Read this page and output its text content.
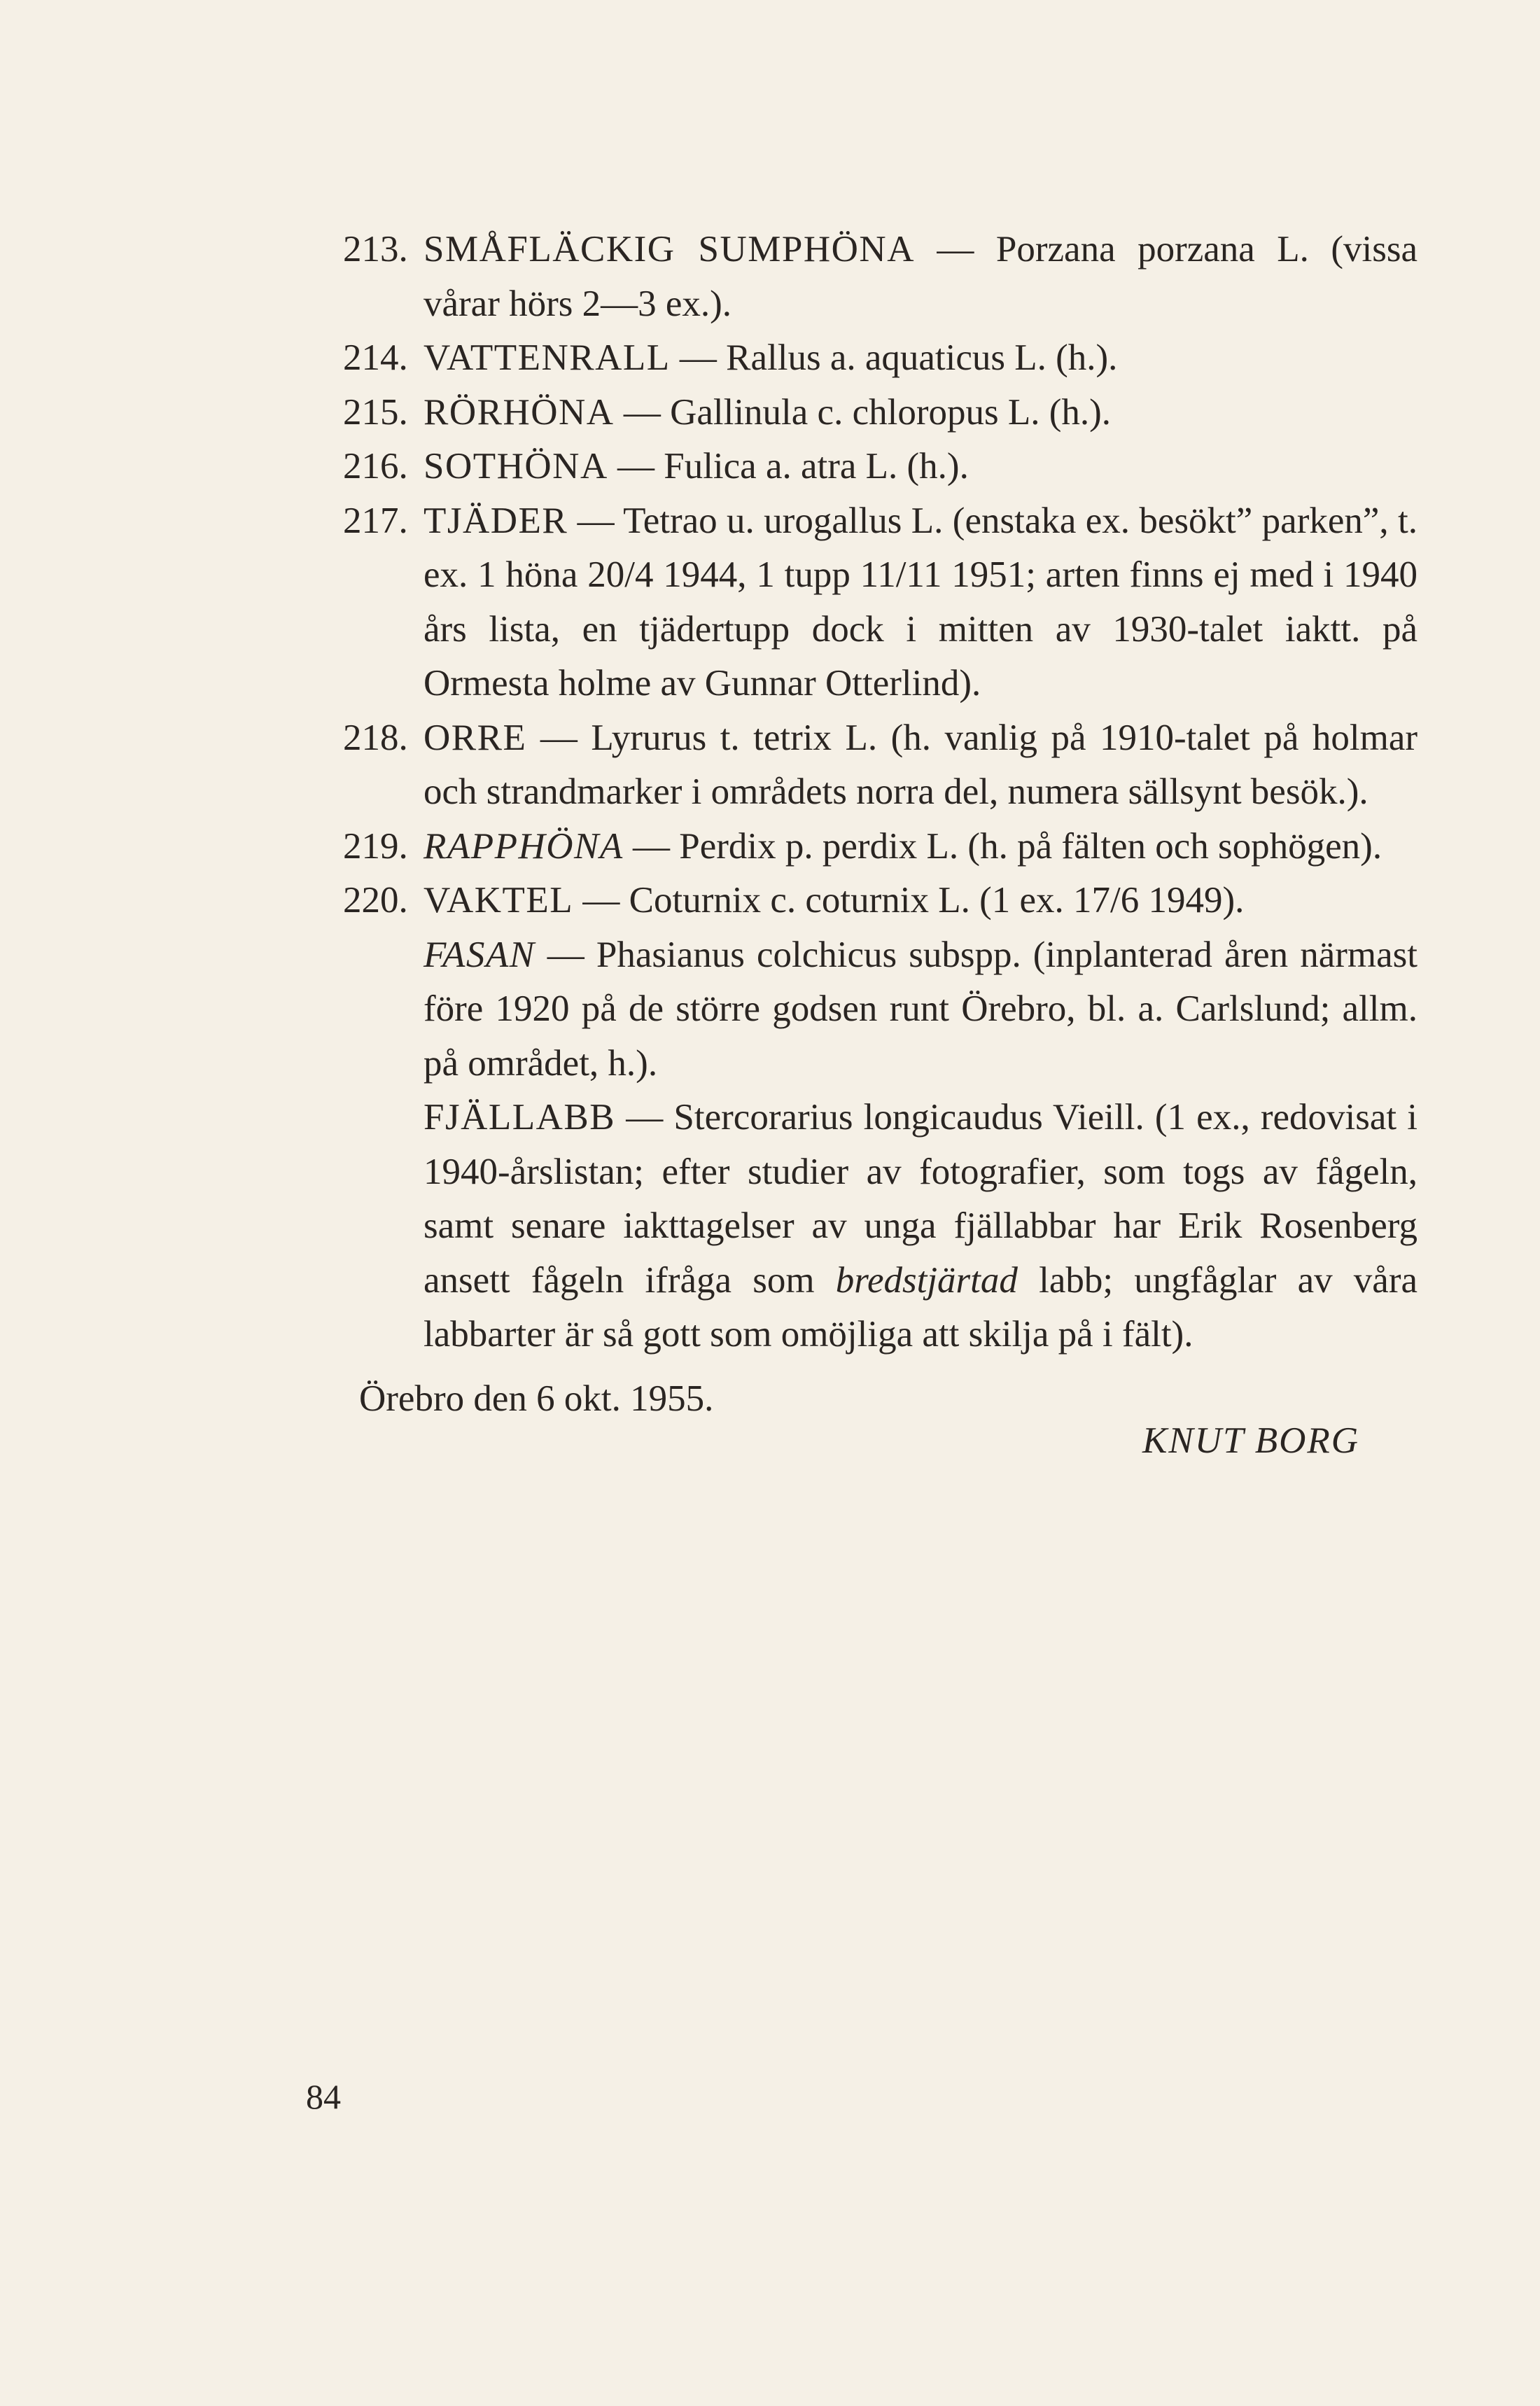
213. SMÅFLÄCKIG SUMPHÖNA — Porzana porzana L. (vissa vårar hörs 2—3 ex.).
214. VATTENRALL — Rallus a. aquaticus L. (h.).
215. RÖRHÖNA — Gallinula c. chloropus L. (h.).
216. SOTHÖNA — Fulica a. atra L. (h.).
217. TJÄDER — Tetrao u. urogallus L. (enstaka ex. besökt” parken”, t. ex. 1 höna 20/4 1944, 1 tupp 11/11 1951; arten finns ej med i 1940 års lista, en tjädertupp dock i mitten av 1930-talet iaktt. på Ormesta holme av Gunnar Otterlind).
218. ORRE — Lyrurus t. tetrix L. (h. vanlig på 1910-talet på holmar och strandmarker i områdets norra del, numera sällsynt besök.).
219. RAPPHÖNA — Perdix p. perdix L. (h. på fälten och sophögen).
220. VAKTEL — Coturnix c. coturnix L. (1 ex. 17/6 1949).
FASAN — Phasianus colchicus subspp. (inplanterad åren närmast före 1920 på de större godsen runt Örebro, bl. a. Carlslund; allm. på området, h.).
FJÄLLABB — Stercorarius longicaudus Vieill. (1 ex., redovisat i 1940-årslistan; efter studier av fotografier, som togs av fågeln, samt senare iakttagelser av unga fjällabbar har Erik Rosenberg ansett fågeln ifråga som bredstjärtad labb; ungfåglar av våra labbarter är så gott som omöjliga att skilja på i fält).
Örebro den 6 okt. 1955.
KNUT BORG
84
